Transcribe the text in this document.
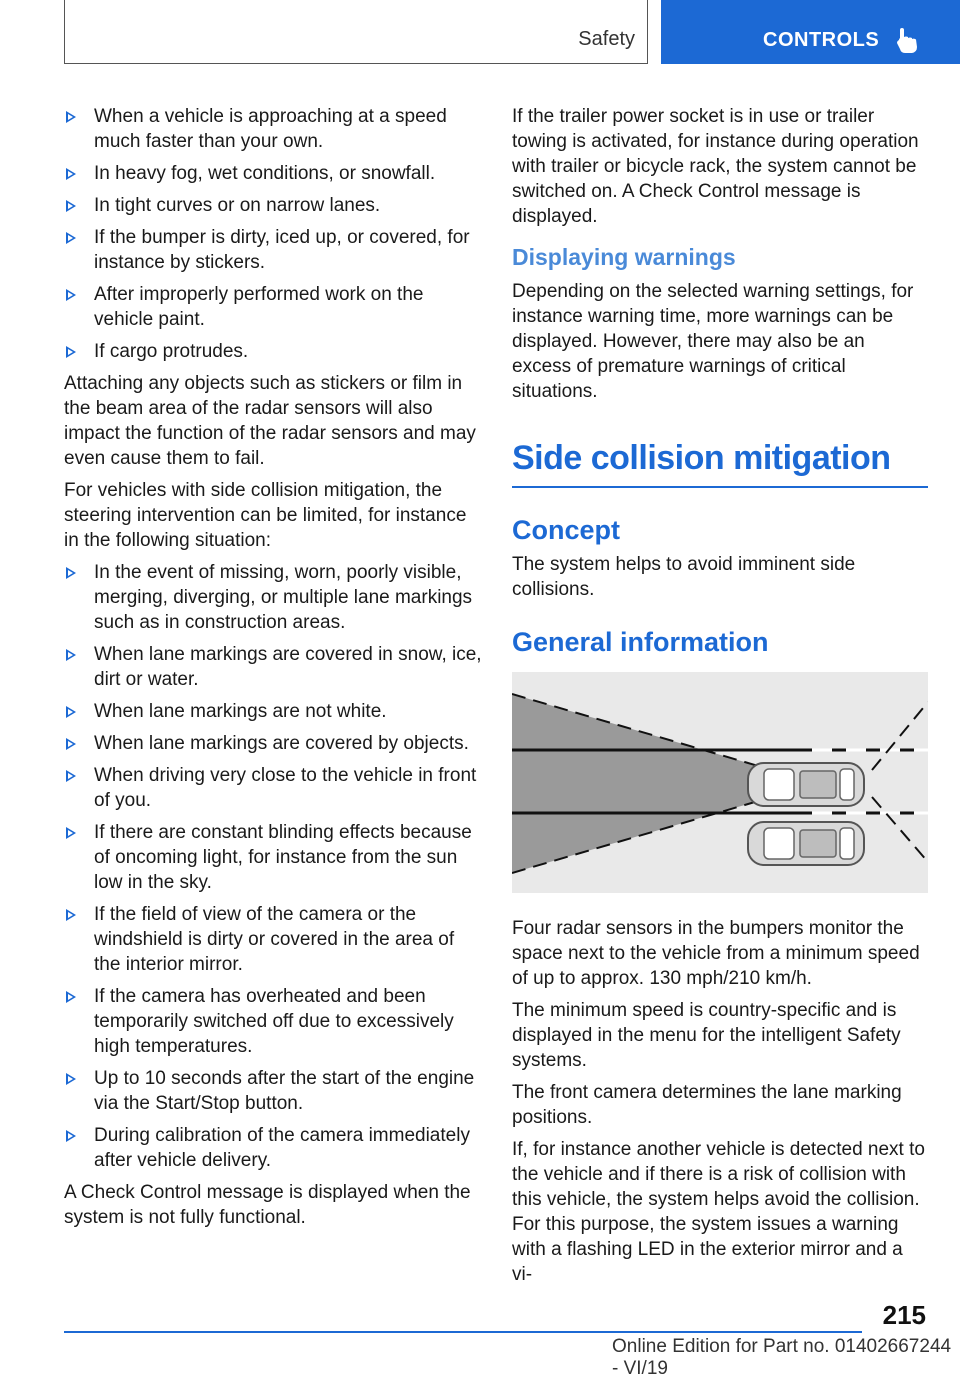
Safety	CONTROLS
When a vehicle is approaching at a speed much faster than your own.
In heavy fog, wet conditions, or snowfall.
In tight curves or on narrow lanes.
If the bumper is dirty, iced up, or covered, for instance by stickers.
After improperly performed work on the vehicle paint.
If cargo protrudes.

Attaching any objects such as stickers or film in the beam area of the radar sensors will also impact the function of the radar sensors and may even cause them to fail.

For vehicles with side collision mitigation, the steering intervention can be limited, for instance in the following situation:

In the event of missing, worn, poorly visible, merging, diverging, or multiple lane markings such as in construction areas.
When lane markings are covered in snow, ice, dirt or water.
When lane markings are not white.
When lane markings are covered by objects.
When driving very close to the vehicle in front of you.
If there are constant blinding effects because of oncoming light, for instance from the sun low in the sky.
If the field of view of the camera or the windshield is dirty or covered in the area of the interior mirror.
If the camera has overheated and been temporarily switched off due to excessively high temperatures.
Up to 10 seconds after the start of the engine via the Start/Stop button.
During calibration of the camera immediately after vehicle delivery.

A Check Control message is displayed when the system is not fully functional.

If the trailer power socket is in use or trailer towing is activated, for instance during operation with trailer or bicycle rack, the system cannot be switched on. A Check Control message is displayed.

Displaying warnings

Depending on the selected warning settings, for instance warning time, more warnings can be displayed. However, there may also be an excess of premature warnings of critical situations.

Side collision mitigation
Concept

The system helps to avoid imminent side collisions.

General information

Four radar sensors in the bumpers monitor the space next to the vehicle from a minimum speed of up to approx. 130 mph/210 km/h.

The minimum speed is country-specific and is displayed in the menu for the intelligent Safety systems.

The front camera determines the lane marking positions.

If, for instance another vehicle is detected next to the vehicle and if there is a risk of collision with this vehicle, the system helps avoid the collision. For this purpose, the system issues a warning with a flashing LED in the exterior mirror and a vi-

215
Online Edition for Part no. 01402667244 - VI/19
